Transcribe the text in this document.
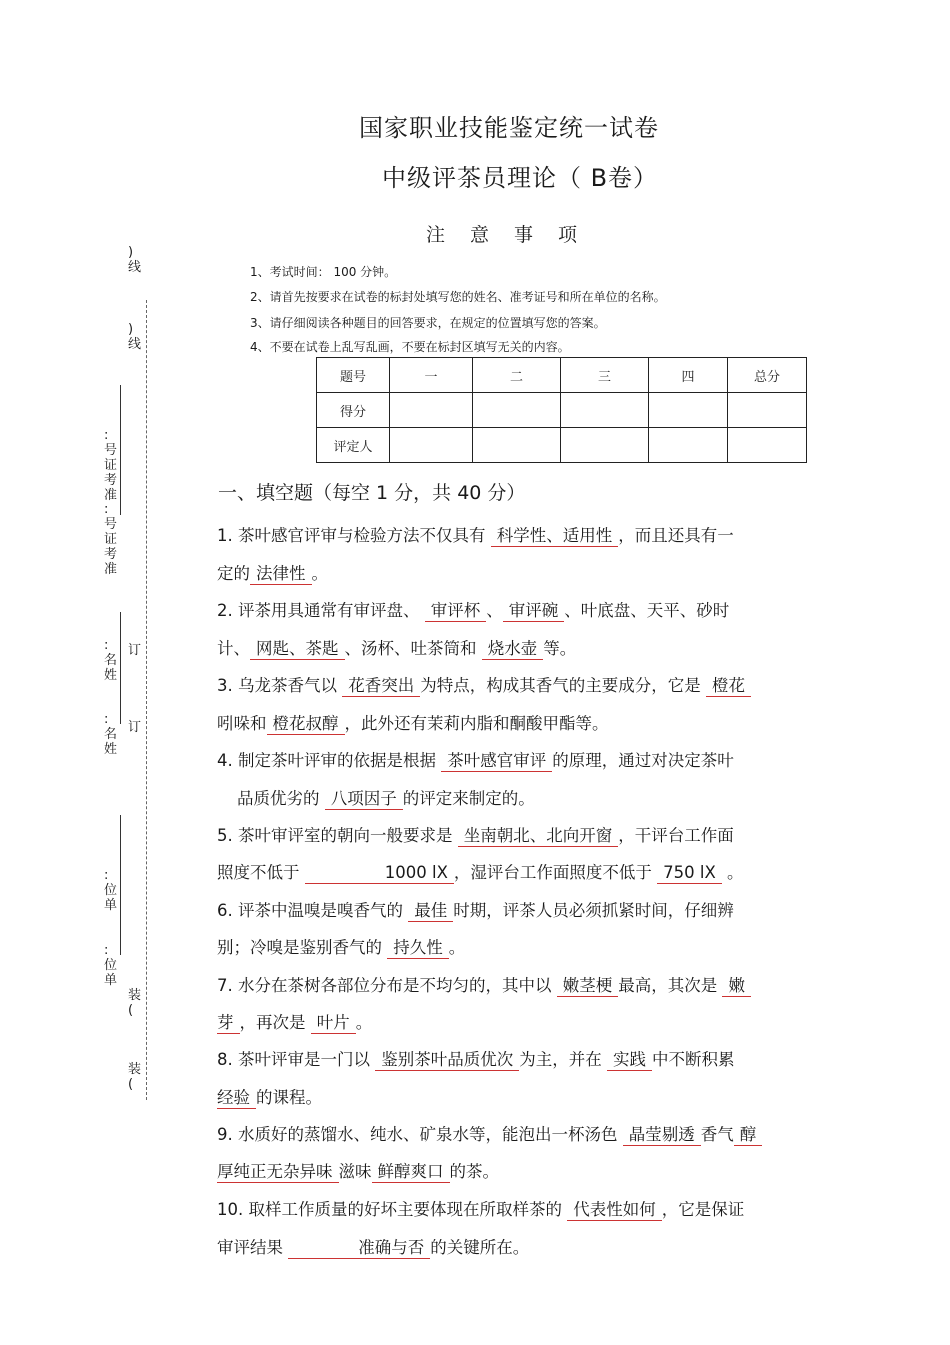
)线
)线
:号证考准
:号证考准
订
订
:名姓
:名姓
:位单
:位单
装(
装(
国家职业技能鉴定统一试卷
中级评茶员理论（ B卷）
注意事项
1、考试时间： 100 分钟。
2、请首先按要求在试卷的标封处填写您的姓名、准考证号和所在单位的名称。
3、请仔细阅读各种题目的回答要求，在规定的位置填写您的答案。
4、不要在试卷上乱写乱画，不要在标封区填写无关的内容。
题号	一	二	三	四	总分
得分					
评定人					
一、填空题（每空 1 分，共 40 分）
1. 茶叶感官评审与检验方法不仅具有 科学性、适用性 ，而且还具有一
定的 法律性 。
2. 评茶用具通常有审评盘、 审评杯 、 审评碗 、叶底盘、天平、砂时
计、 网匙、茶匙 、汤杯、吐茶筒和 烧水壶 等。
3. 乌龙茶香气以 花香突出 为特点，构成其香气的主要成分，它是 橙花
吲哚和 橙花叔醇 ，此外还有茉莉内脂和酮酸甲酯等。
4. 制定茶叶评审的依据是根据 茶叶感官审评 的原理，通过对决定茶叶
品质优劣的 八项因子 的评定来制定的。
5. 茶叶审评室的朝向一般要求是 坐南朝北、北向开窗 ，干评台工作面
照度不低于	1000 lX ，湿评台工作面照度不低于 750 lX 。
6. 评茶中温嗅是嗅香气的 最佳 时期，评茶人员必须抓紧时间，仔细辨
别；冷嗅是鉴别香气的 持久性 。
7. 水分在茶树各部位分布是不均匀的，其中以 嫩茎梗 最高，其次是 嫩
芽 ，再次是 叶片 。
8. 茶叶评审是一门以 鉴别茶叶品质优次 为主，并在 实践 中不断积累
经验 的课程。
9. 水质好的蒸馏水、纯水、矿泉水等，能泡出一杯汤色 晶莹剔透 香气 醇
厚纯正无杂异味 滋味 鲜醇爽口 的茶。
10. 取样工作质量的好坏主要体现在所取样茶的 代表性如何 ，它是保证
审评结果	准确与否 的关键所在。
